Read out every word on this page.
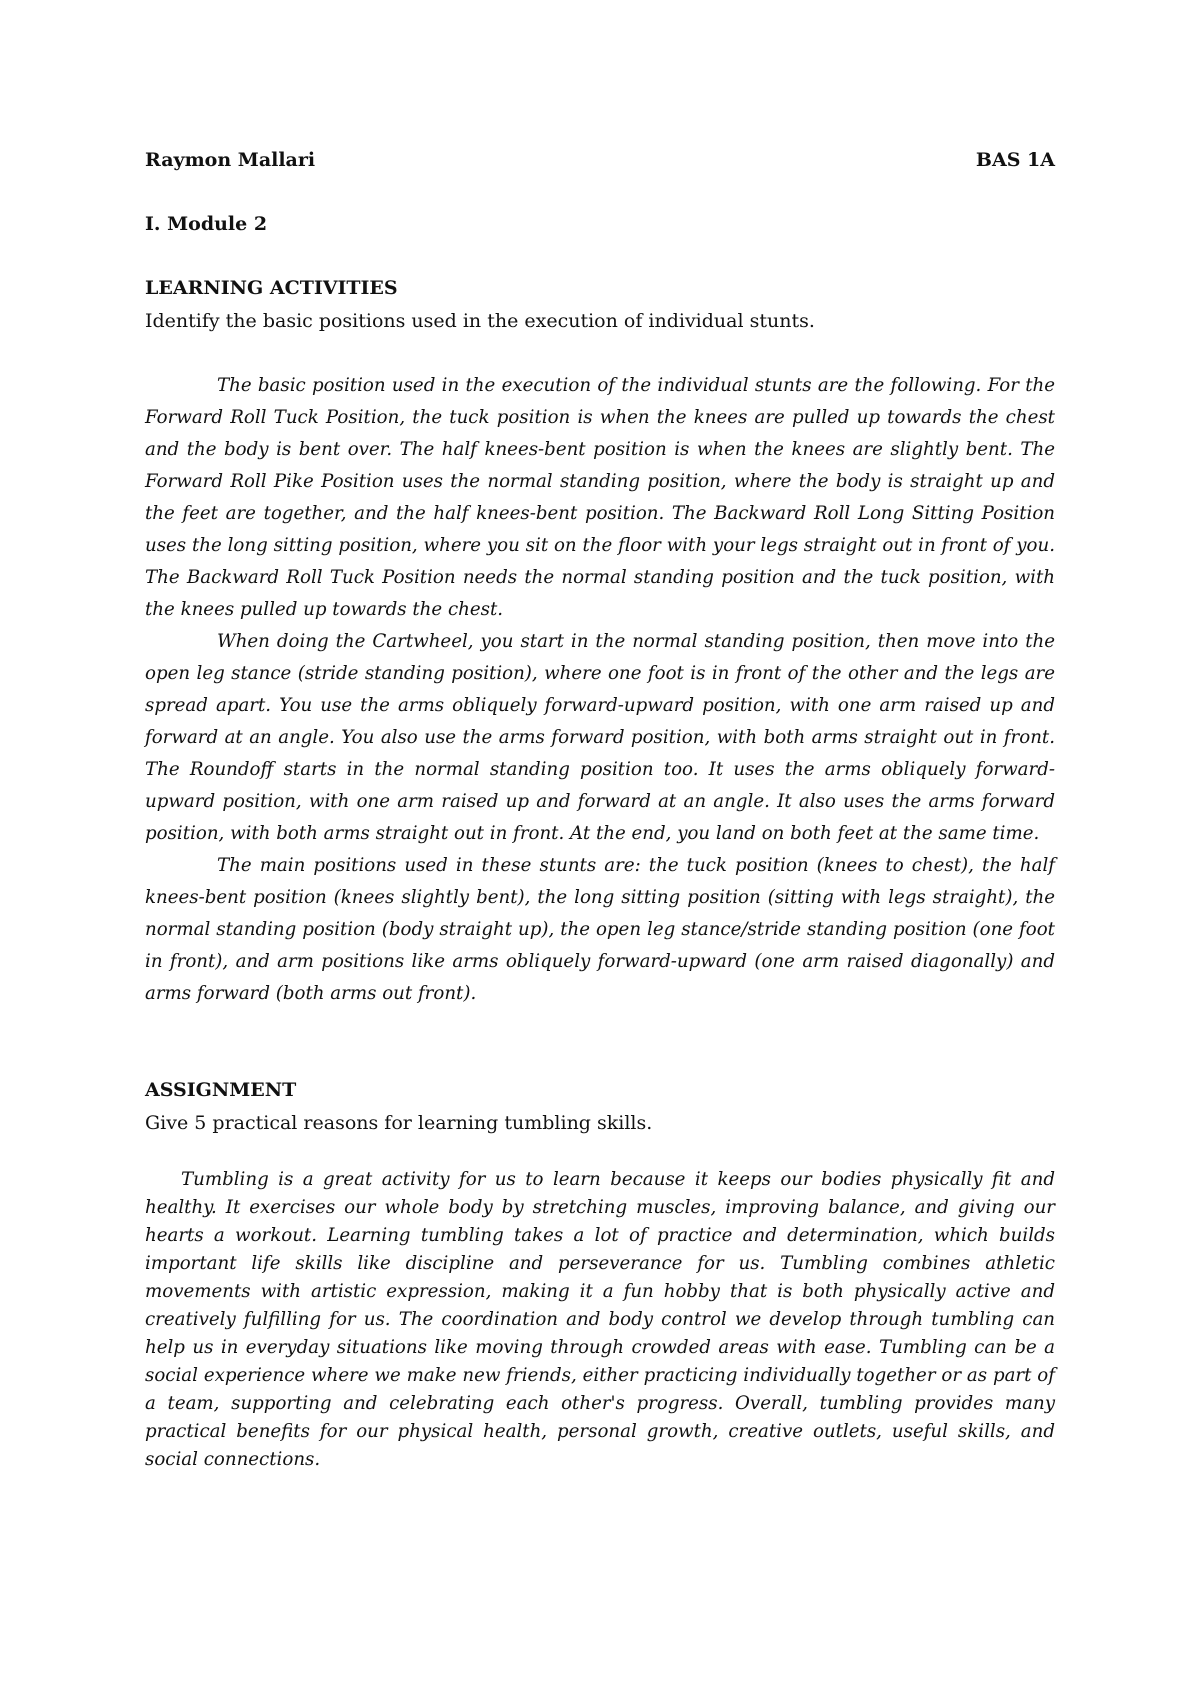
Raymon Mallari	BAS 1A
I. Module 2
LEARNING ACTIVITIES
Identify the basic positions used in the execution of individual stunts.

The basic position used in the execution of the individual stunts are the following. For the Forward Roll Tuck Position, the tuck position is when the knees are pulled up towards the chest and the body is bent over. The half knees-bent position is when the knees are slightly bent. The Forward Roll Pike Position uses the normal standing position, where the body is straight up and the feet are together, and the half knees-bent position. The Backward Roll Long Sitting Position uses the long sitting position, where you sit on the floor with your legs straight out in front of you. The Backward Roll Tuck Position needs the normal standing position and the tuck position, with the knees pulled up towards the chest.

When doing the Cartwheel, you start in the normal standing position, then move into the open leg stance (stride standing position), where one foot is in front of the other and the legs are spread apart. You use the arms obliquely forward-upward position, with one arm raised up and forward at an angle. You also use the arms forward position, with both arms straight out in front. The Roundoff starts in the normal standing position too. It uses the arms obliquely forward-upward position, with one arm raised up and forward at an angle. It also uses the arms forward position, with both arms straight out in front. At the end, you land on both feet at the same time.

The main positions used in these stunts are: the tuck position (knees to chest), the half knees-bent position (knees slightly bent), the long sitting position (sitting with legs straight), the normal standing position (body straight up), the open leg stance/stride standing position (one foot in front), and arm positions like arms obliquely forward-upward (one arm raised diagonally) and arms forward (both arms out front).

ASSIGNMENT
Give 5 practical reasons for learning tumbling skills.

Tumbling is a great activity for us to learn because it keeps our bodies physically fit and healthy. It exercises our whole body by stretching muscles, improving balance, and giving our hearts a workout. Learning tumbling takes a lot of practice and determination, which builds important life skills like discipline and perseverance for us. Tumbling combines athletic movements with artistic expression, making it a fun hobby that is both physically active and creatively fulfilling for us. The coordination and body control we develop through tumbling can help us in everyday situations like moving through crowded areas with ease. Tumbling can be a social experience where we make new friends, either practicing individually together or as part of a team, supporting and celebrating each other's progress. Overall, tumbling provides many practical benefits for our physical health, personal growth, creative outlets, useful skills, and social connections.
